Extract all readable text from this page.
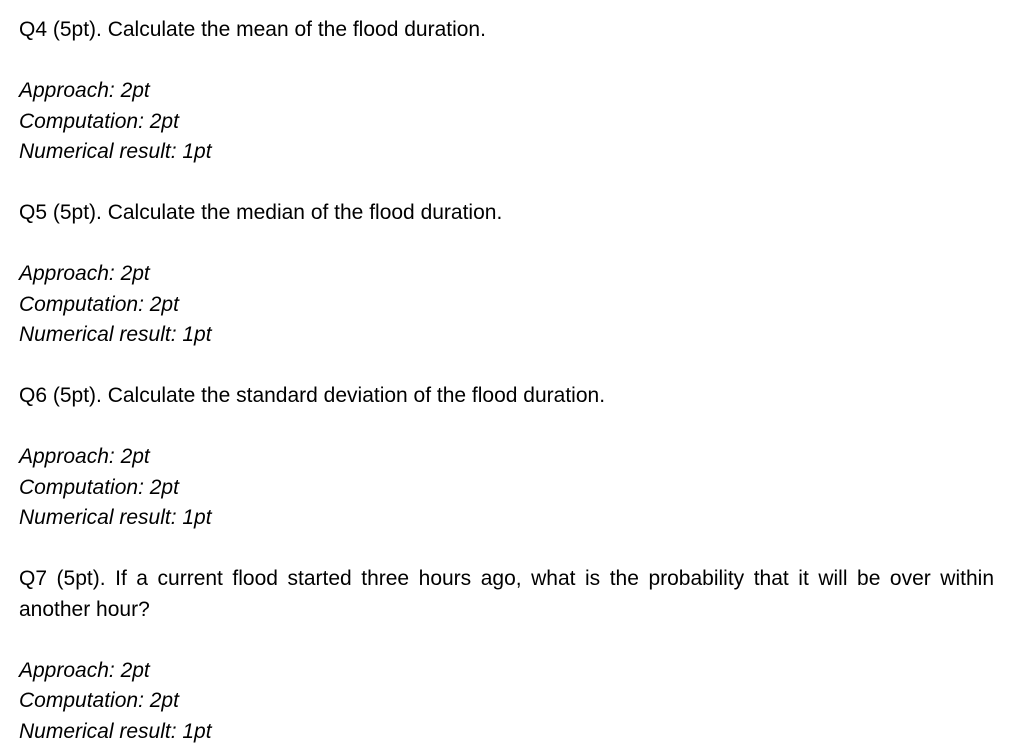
Q4 (5pt). Calculate the mean of the flood duration.

Approach: 2pt
Computation: 2pt
Numerical result: 1pt

Q5 (5pt). Calculate the median of the flood duration.

Approach: 2pt
Computation: 2pt
Numerical result: 1pt

Q6 (5pt). Calculate the standard deviation of the flood duration.

Approach: 2pt
Computation: 2pt
Numerical result: 1pt

Q7 (5pt). If a current flood started three hours ago, what is the probability that it will be over within another hour?

Approach: 2pt
Computation: 2pt
Numerical result: 1pt
